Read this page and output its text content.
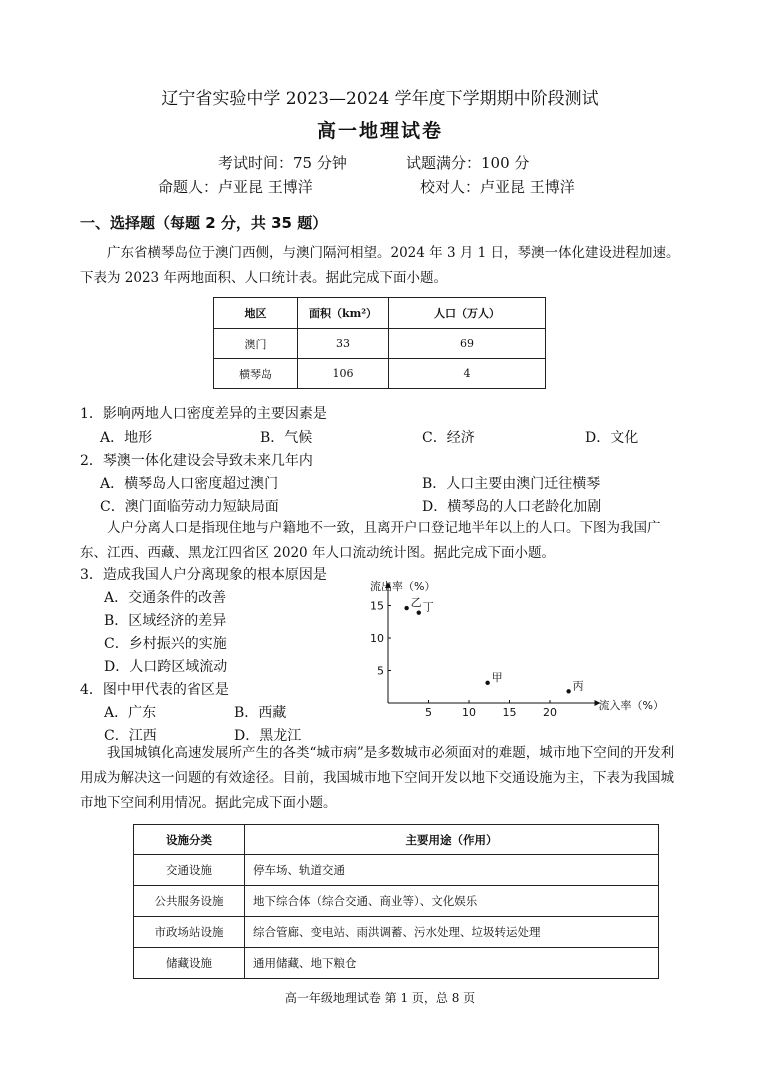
辽宁省实验中学 2023—2024 学年度下学期期中阶段测试
高一地理试卷
考试时间：75 分钟	试题满分：100 分
命题人：卢亚昆 王博洋	校对人：卢亚昆 王博洋
一、选择题（每题 2 分，共 35 题）
广东省横琴岛位于澳门西侧，与澳门隔河相望。2024 年 3 月 1 日，琴澳一体化建设进程加速。下表为 2023 年两地面积、人口统计表。据此完成下面小题。
地区	面积（km²）	人口（万人）
澳门	33	69
横琴岛	106	4
1．影响两地人口密度差异的主要因素是
A．地形	B．气候	C．经济	D．文化
2．琴澳一体化建设会导致未来几年内
A．横琴岛人口密度超过澳门	B．人口主要由澳门迁往横琴
C．澳门面临劳动力短缺局面	D．横琴岛的人口老龄化加剧
人户分离人口是指现住地与户籍地不一致，且离开户口登记地半年以上的人口。下图为我国广东、江西、西藏、黑龙江四省区 2020 年人口流动统计图。据此完成下面小题。
3．造成我国人户分离现象的根本原因是
A．交通条件的改善
B．区域经济的差异
C．乡村振兴的实施
D．人口跨区域流动
4．图中甲代表的省区是
A．广东	B．西藏
C．江西	D．黑龙江
5	10 15 20
5
10
15 乙 丁
甲
丙
流出率（%）
流入率（%）
我国城镇化高速发展所产生的各类“城市病”是多数城市必须面对的难题，城市地下空间的开发利用成为解决这一问题的有效途径。目前，我国城市地下空间开发以地下交通设施为主，下表为我国城市地下空间利用情况。据此完成下面小题。
设施分类	主要用途（作用）
交通设施	停车场、轨道交通
公共服务设施	地下综合体（综合交通、商业等）、文化娱乐
市政场站设施	综合管廊、变电站、雨洪调蓄、污水处理、垃圾转运处理
储藏设施	通用储藏、地下粮仓
高一年级地理试卷 第 1 页，总 8 页
